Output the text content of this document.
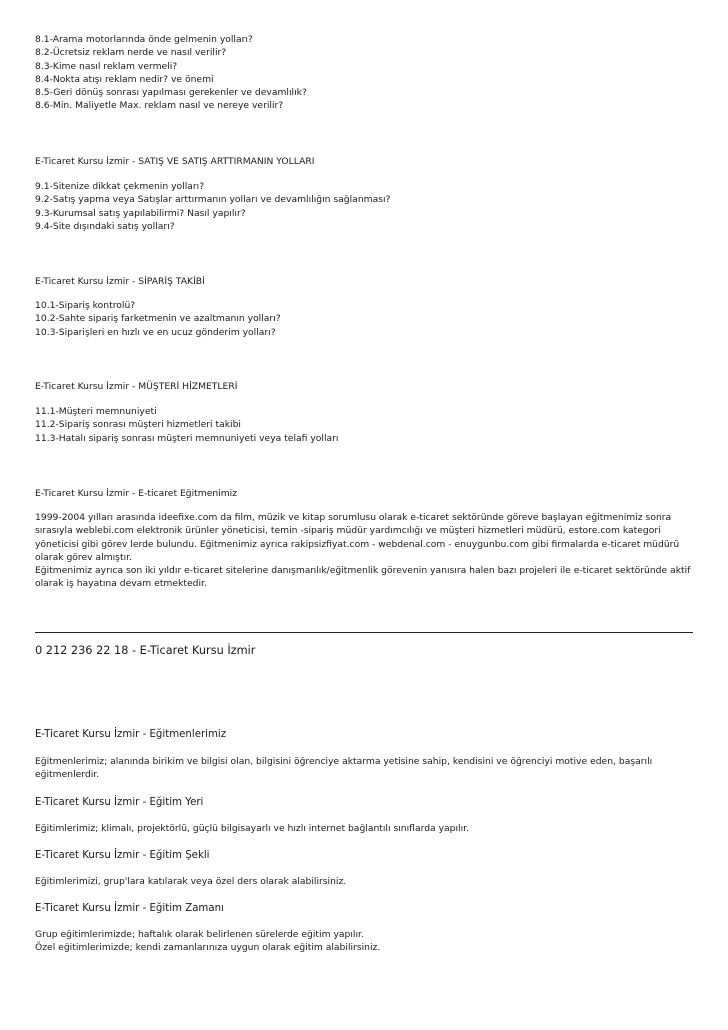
8.1-Arama motorlarında önde gelmenin yolları?
8.2-Ücretsiz reklam nerde ve nasıl verilir?
8.3-Kime nasıl reklam vermeli?
8.4-Nokta atışı reklam nedir? ve önemi
8.5-Geri dönüş sonrası yapılması gerekenler ve devamlılık?
8.6-Min. Maliyetle Max. reklam nasıl ve nereye verilir?

E-Ticaret Kursu İzmir - SATIŞ VE SATIŞ ARTTIRMANIN YOLLARI

9.1-Sitenize dikkat çekmenin yolları?
9.2-Satış yapma veya Satışlar arttırmanın yolları ve devamlılığın sağlanması?
9.3-Kurumsal satış yapılabilirmi? Nasıl yapılır?
9.4-Site dışındaki satış yolları?

E-Ticaret Kursu İzmir - SİPARİŞ TAKİBİ

10.1-Sipariş kontrolü?
10.2-Sahte sipariş farketmenin ve azaltmanın yolları?
10.3-Siparişleri en hızlı ve en ucuz gönderim yolları?

E-Ticaret Kursu İzmir - MÜŞTERİ HİZMETLERİ

11.1-Müşteri memnuniyeti
11.2-Sipariş sonrası müşteri hizmetleri takibi
11.3-Hatalı sipariş sonrası müşteri memnuniyeti veya telafi yolları

E-Ticaret Kursu İzmir - E-ticaret Eğitmenimiz

1999-2004 yılları arasında ideefixe.com da film, müzik ve kitap sorumlusu olarak e-ticaret sektöründe göreve başlayan eğitmenimiz sonra

sırasıyla weblebi.com elektronik ürünler yöneticisi, temin -sipariş müdür yardımcılığı ve müşteri hizmetleri müdürü, estore.com kategori

yöneticisi gibi görev lerde bulundu. Eğitmenimiz ayrıca rakipsizfiyat.com - webdenal.com - enuygunbu.com gibi firmalarda e-ticaret müdürü

olarak görev almıştır.

Eğitmenimiz ayrıca son iki yıldır e-ticaret sitelerine danışmanlık/eğitmenlik görevenin yanısıra halen bazı projeleri ile e-ticaret sektöründe aktif

olarak iş hayatına devam etmektedir.

0 212 236 22 18 - E-Ticaret Kursu İzmir

E-Ticaret Kursu İzmir - Eğitmenlerimiz

Eğitmenlerimiz; alanında birikim ve bilgisi olan, bilgisini öğrenciye aktarma yetisine sahip, kendisini ve öğrenciyi motive eden, başarılı

eğitmenlerdir.

E-Ticaret Kursu İzmir - Eğitim Yeri

Eğitimlerimiz; klimalı, projektörlü, güçlü bilgisayarlı ve hızlı internet bağlantılı sınıflarda yapılır.

E-Ticaret Kursu İzmir - Eğitim Şekli

Eğitimlerimizi, grup'lara katılarak veya özel ders olarak alabilirsiniz.

E-Ticaret Kursu İzmir - Eğitim Zamanı

Grup eğitimlerimizde; haftalık olarak belirlenen sürelerde eğitim yapılır.

Özel eğitimlerimizde; kendi zamanlarınıza uygun olarak eğitim alabilirsiniz.
